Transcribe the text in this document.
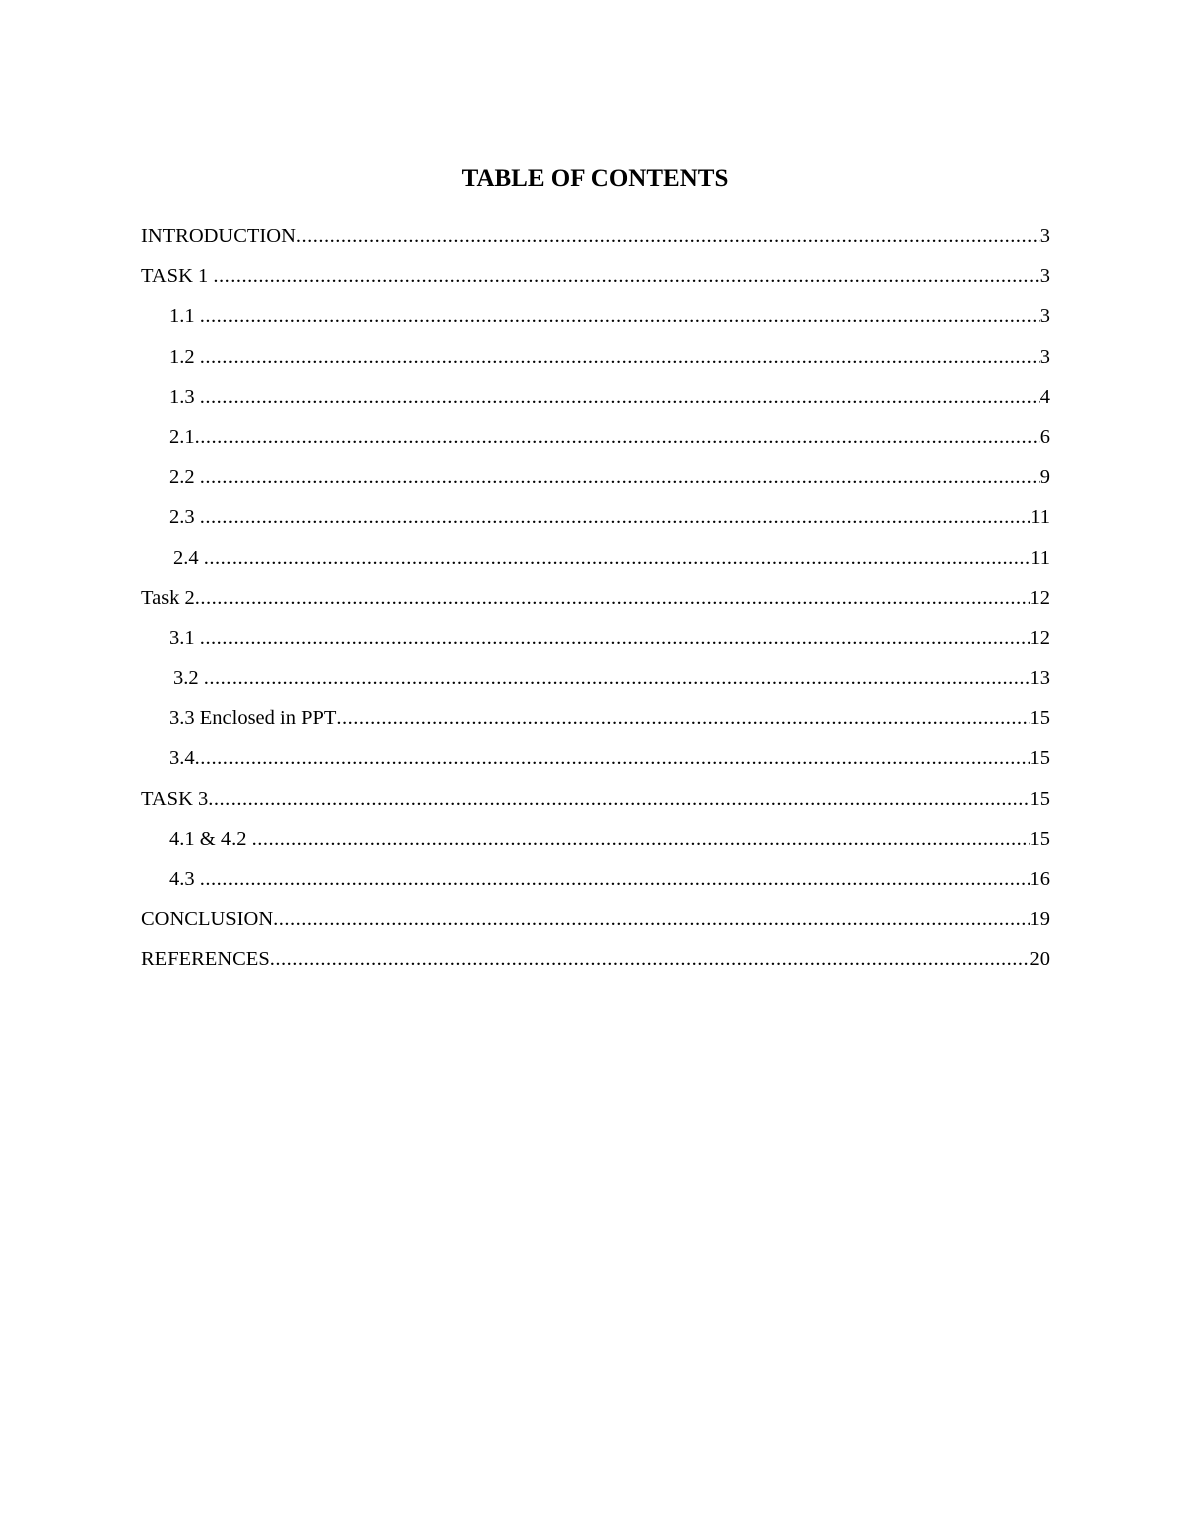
TABLE OF CONTENTS
INTRODUCTION .....	3
TASK 1 .....	3
1.1 .....	3
1.2 .....	3
1.3 .....	4
2.1 .....	6
2.2 .....	9
2.3 .....	11
2.4 .....	11
Task 2 .....	12
3.1 .....	12
3.2 .....	13
3.3 Enclosed in PPT .....	15
3.4 .....	15
TASK 3 .....	15
4.1 & 4.2 .....	15
4.3 .....	16
CONCLUSION .....	19
REFERENCES .....	20
